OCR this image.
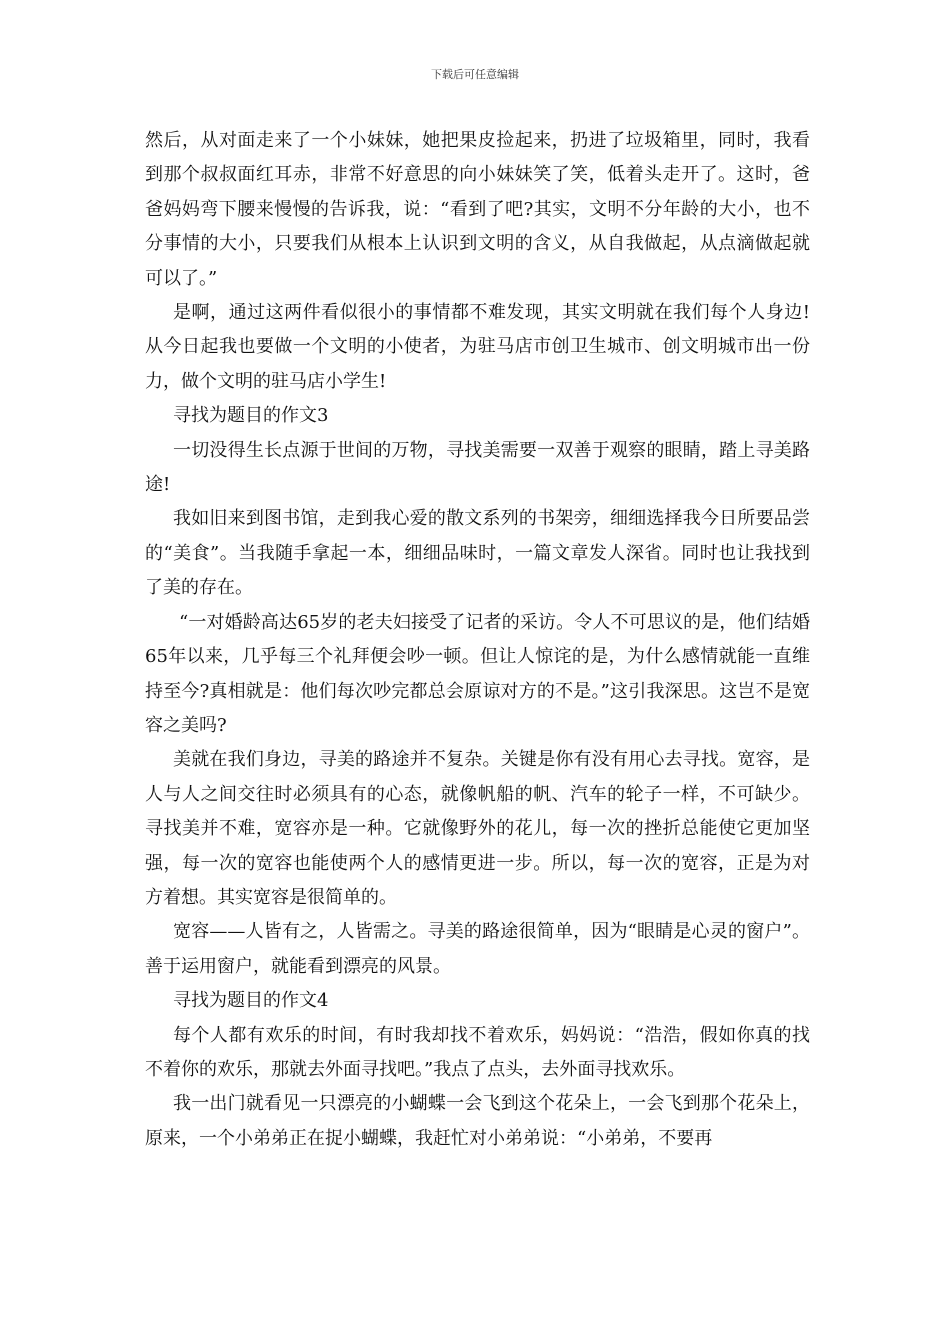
下载后可任意编辑

然后，从对面走来了一个小妹妹，她把果皮捡起来，扔进了垃圾箱里，同时，我看到那个叔叔面红耳赤，非常不好意思的向小妹妹笑了笑，低着头走开了。这时，爸爸妈妈弯下腰来慢慢的告诉我，说：“看到了吧?其实，文明不分年龄的大小，也不分事情的大小，只要我们从根本上认识到文明的含义，从自我做起，从点滴做起就可以了。”

是啊，通过这两件看似很小的事情都不难发现，其实文明就在我们每个人身边!从今日起我也要做一个文明的小使者，为驻马店市创卫生城市、创文明城市出一份力，做个文明的驻马店小学生!

寻找为题目的作文3

一切没得生长点源于世间的万物，寻找美需要一双善于观察的眼睛，踏上寻美路途!

我如旧来到图书馆，走到我心爱的散文系列的书架旁，细细选择我今日所要品尝的“美食”。当我随手拿起一本，细细品味时，一篇文章发人深省。同时也让我找到了美的存在。

“一对婚龄高达65岁的老夫妇接受了记者的采访。令人不可思议的是，他们结婚65年以来，几乎每三个礼拜便会吵一顿。但让人惊诧的是，为什么感情就能一直维持至今?真相就是：他们每次吵完都总会原谅对方的不是。”这引我深思。这岂不是宽容之美吗?

美就在我们身边，寻美的路途并不复杂。关键是你有没有用心去寻找。宽容，是人与人之间交往时必须具有的心态，就像帆船的帆、汽车的轮子一样，不可缺少。寻找美并不难，宽容亦是一种。它就像野外的花儿，每一次的挫折总能使它更加坚强，每一次的宽容也能使两个人的感情更进一步。所以，每一次的宽容，正是为对方着想。其实宽容是很简单的。

宽容——人皆有之，人皆需之。寻美的路途很简单，因为“眼睛是心灵的窗户”。善于运用窗户，就能看到漂亮的风景。

寻找为题目的作文4

每个人都有欢乐的时间，有时我却找不着欢乐，妈妈说：“浩浩，假如你真的找不着你的欢乐，那就去外面寻找吧。”我点了点头，去外面寻找欢乐。

我一出门就看见一只漂亮的小蝴蝶一会飞到这个花朵上，一会飞到那个花朵上，原来，一个小弟弟正在捉小蝴蝶，我赶忙对小弟弟说：“小弟弟，不要再
